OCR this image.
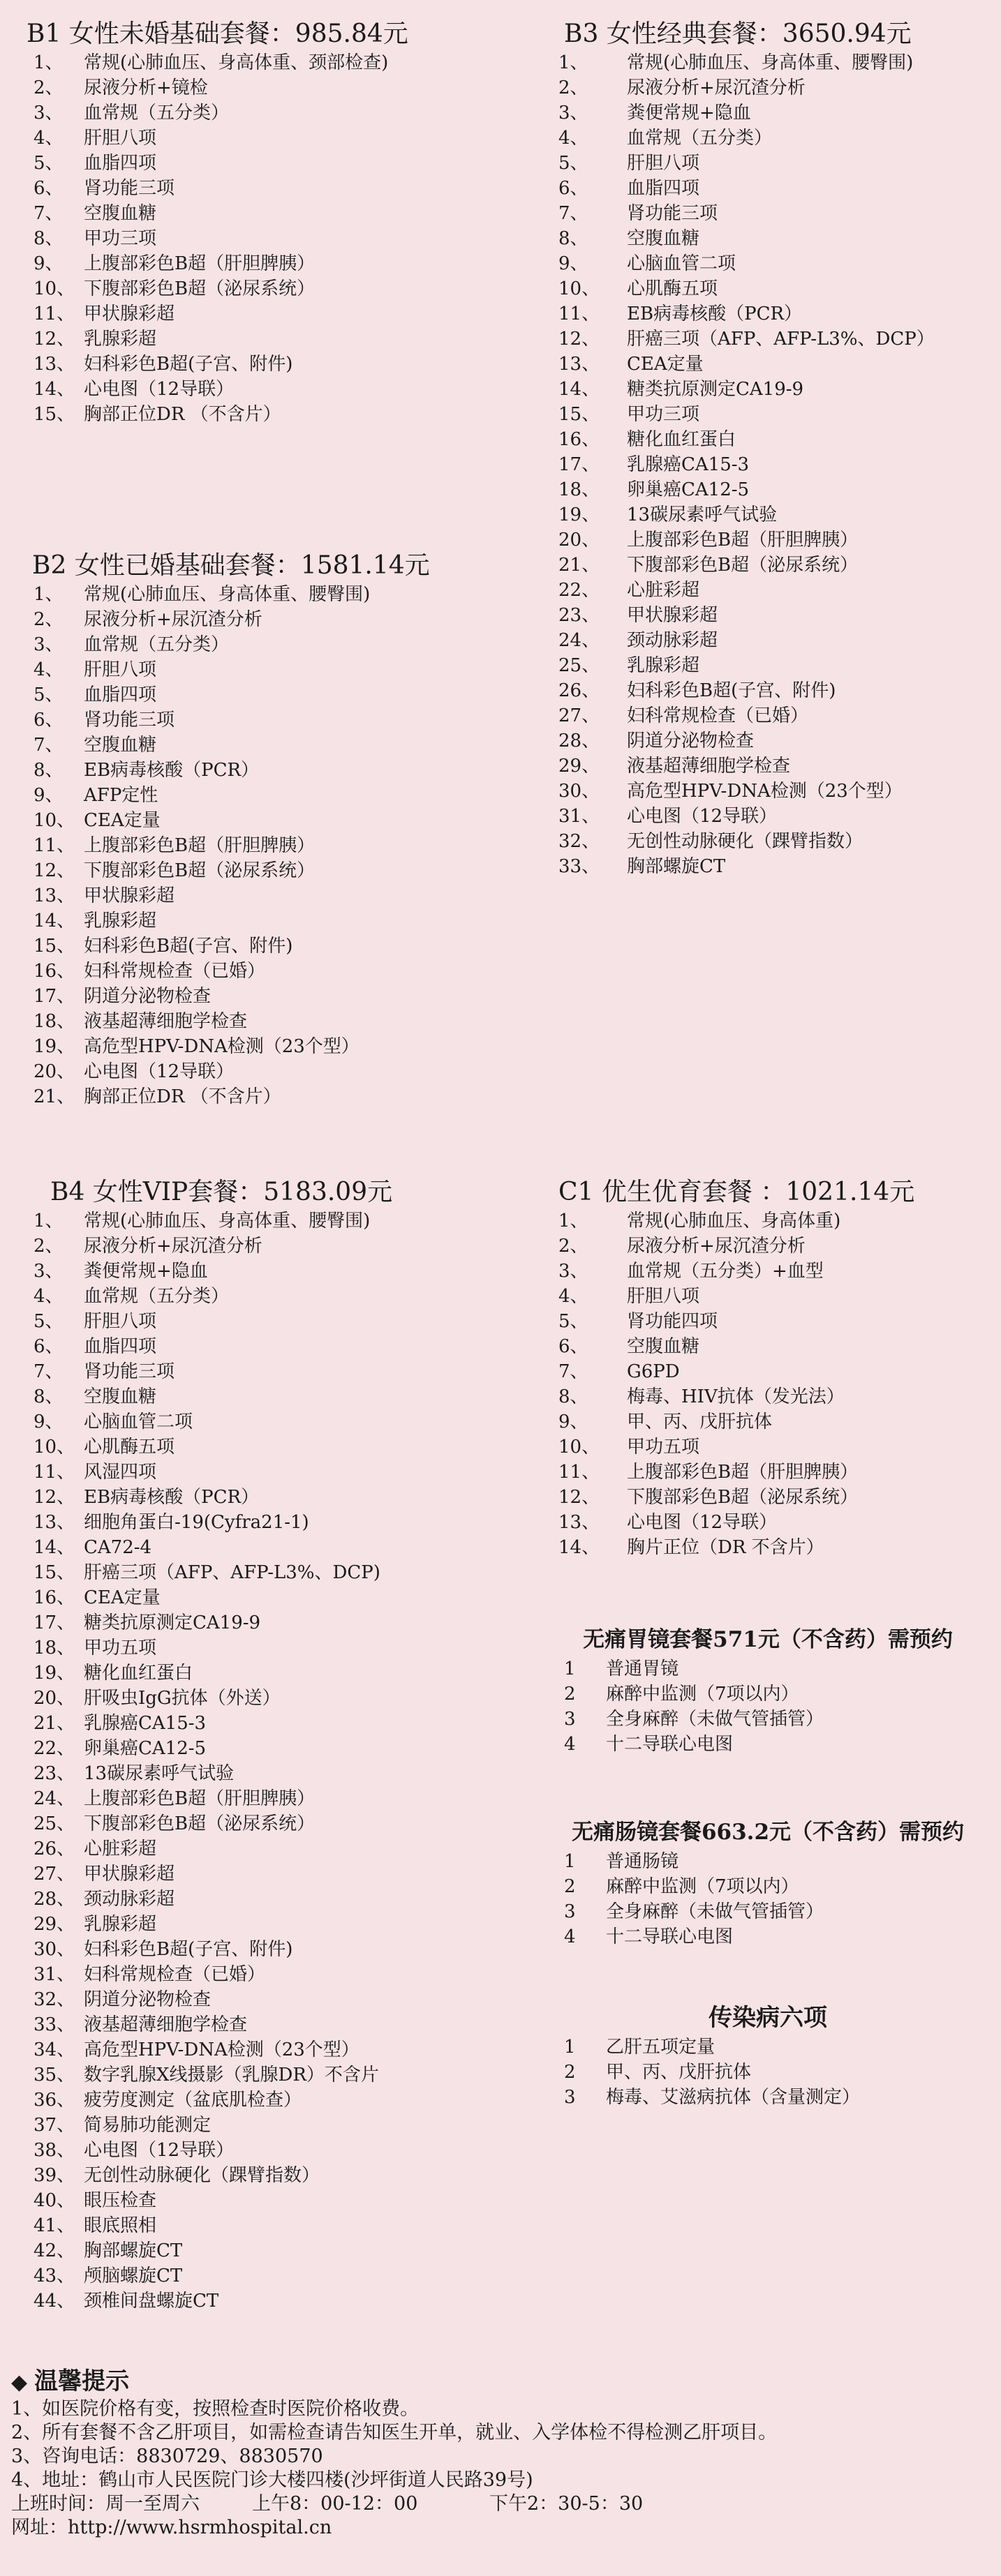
B1 女性未婚基础套餐：985.84元
1、	常规(心肺血压、身高体重、颈部检查)
2、	尿液分析+镜检
3、	血常规（五分类）
4、	肝胆八项
5、	血脂四项
6、	肾功能三项
7、	空腹血糖
8、	甲功三项
9、	上腹部彩色B超（肝胆脾胰）
10、 下腹部彩色B超（泌尿系统）
11、 甲状腺彩超
12、 乳腺彩超
13、 妇科彩色B超(子宫、附件)
14、 心电图（12导联）
15、 胸部正位DR （不含片）
B3 女性经典套餐：3650.94元
1、	常规(心肺血压、身高体重、腰臀围)
2、	尿液分析+尿沉渣分析
3、	粪便常规+隐血
4、	血常规（五分类）
5、	肝胆八项
6、	血脂四项
7、	肾功能三项
8、	空腹血糖
9、	心脑血管二项
10、	心肌酶五项
11、	EB病毒核酸（PCR）
12、	肝癌三项（AFP、AFP-L3%、DCP）
13、	CEA定量
14、	糖类抗原测定CA19-9
15、	甲功三项
16、	糖化血红蛋白
17、	乳腺癌CA15-3
18、	卵巢癌CA12-5
19、	13碳尿素呼气试验
20、	上腹部彩色B超（肝胆脾胰）
21、	下腹部彩色B超（泌尿系统）
22、	心脏彩超
23、	甲状腺彩超
24、	颈动脉彩超
25、	乳腺彩超
26、	妇科彩色B超(子宫、附件)
27、	妇科常规检查（已婚）
28、	阴道分泌物检查
29、	液基超薄细胞学检查
30、	高危型HPV-DNA检测（23个型）
31、	心电图（12导联）
32、	无创性动脉硬化（踝臂指数）
33、	胸部螺旋CT
B2 女性已婚基础套餐：1581.14元
1、	常规(心肺血压、身高体重、腰臀围)
2、	尿液分析+尿沉渣分析
3、	血常规（五分类）
4、	肝胆八项
5、	血脂四项
6、	肾功能三项
7、	空腹血糖
8、	EB病毒核酸（PCR）
9、	AFP定性
10、 CEA定量
11、 上腹部彩色B超（肝胆脾胰）
12、 下腹部彩色B超（泌尿系统）
13、 甲状腺彩超
14、 乳腺彩超
15、 妇科彩色B超(子宫、附件)
16、 妇科常规检查（已婚）
17、 阴道分泌物检查
18、 液基超薄细胞学检查
19、 高危型HPV-DNA检测（23个型）
20、 心电图（12导联）
21、 胸部正位DR （不含片）
B4 女性VIP套餐：5183.09元
1、	常规(心肺血压、身高体重、腰臀围)
2、	尿液分析+尿沉渣分析
3、	粪便常规+隐血
4、	血常规（五分类）
5、	肝胆八项
6、	血脂四项
7、	肾功能三项
8、	空腹血糖
9、	心脑血管二项
10、 心肌酶五项
11、 风湿四项
12、 EB病毒核酸（PCR）
13、 细胞角蛋白-19(Cyfra21-1)
14、 CA72-4
15、 肝癌三项（AFP、AFP-L3%、DCP)
16、 CEA定量
17、 糖类抗原测定CA19-9
18、 甲功五项
19、 糖化血红蛋白
20、 肝吸虫IgG抗体（外送）
21、 乳腺癌CA15-3
22、 卵巢癌CA12-5
23、 13碳尿素呼气试验
24、 上腹部彩色B超（肝胆脾胰）
25、 下腹部彩色B超（泌尿系统）
26、 心脏彩超
27、 甲状腺彩超
28、 颈动脉彩超
29、 乳腺彩超
30、 妇科彩色B超(子宫、附件)
31、 妇科常规检查（已婚）
32、 阴道分泌物检查
33、 液基超薄细胞学检查
34、 高危型HPV-DNA检测（23个型）
35、 数字乳腺X线摄影（乳腺DR）不含片
36、 疲劳度测定（盆底肌检查）
37、 简易肺功能测定
38、 心电图（12导联）
39、 无创性动脉硬化（踝臂指数）
40、 眼压检查
41、 眼底照相
42、 胸部螺旋CT
43、 颅脑螺旋CT
44、 颈椎间盘螺旋CT
C1 优生优育套餐 ：1021.14元
1、	常规(心肺血压、身高体重)
2、	尿液分析+尿沉渣分析
3、	血常规（五分类）+血型
4、	肝胆八项
5、	肾功能四项
6、	空腹血糖
7、	G6PD
8、	梅毒、HIV抗体（发光法）
9、	甲、丙、戊肝抗体
10、	甲功五项
11、	上腹部彩色B超（肝胆脾胰）
12、	下腹部彩色B超（泌尿系统）
13、	心电图（12导联）
14、	胸片正位（DR 不含片）
无痛胃镜套餐571元（不含药）需预约
1	普通胃镜
2	麻醉中监测（7项以内）
3	全身麻醉（未做气管插管）
4	十二导联心电图
无痛肠镜套餐663.2元（不含药）需预约
1	普通肠镜
2	麻醉中监测（7项以内）
3	全身麻醉（未做气管插管）
4	十二导联心电图
传染病六项
1	乙肝五项定量
2	甲、丙、戊肝抗体
3	梅毒、艾滋病抗体（含量测定）
◆ 温馨提示
1、如医院价格有变，按照检查时医院价格收费。
2、所有套餐不含乙肝项目，如需检查请告知医生开单，就业、入学体检不得检测乙肝项目。
3、咨询电话：8830729、8830570
4、地址：鹤山市人民医院门诊大楼四楼(沙坪街道人民路39号)
上班时间：周一至周六	上午8：00-12：00	下午2：30-5：30
网址：http://www.hsrmhospital.cn
